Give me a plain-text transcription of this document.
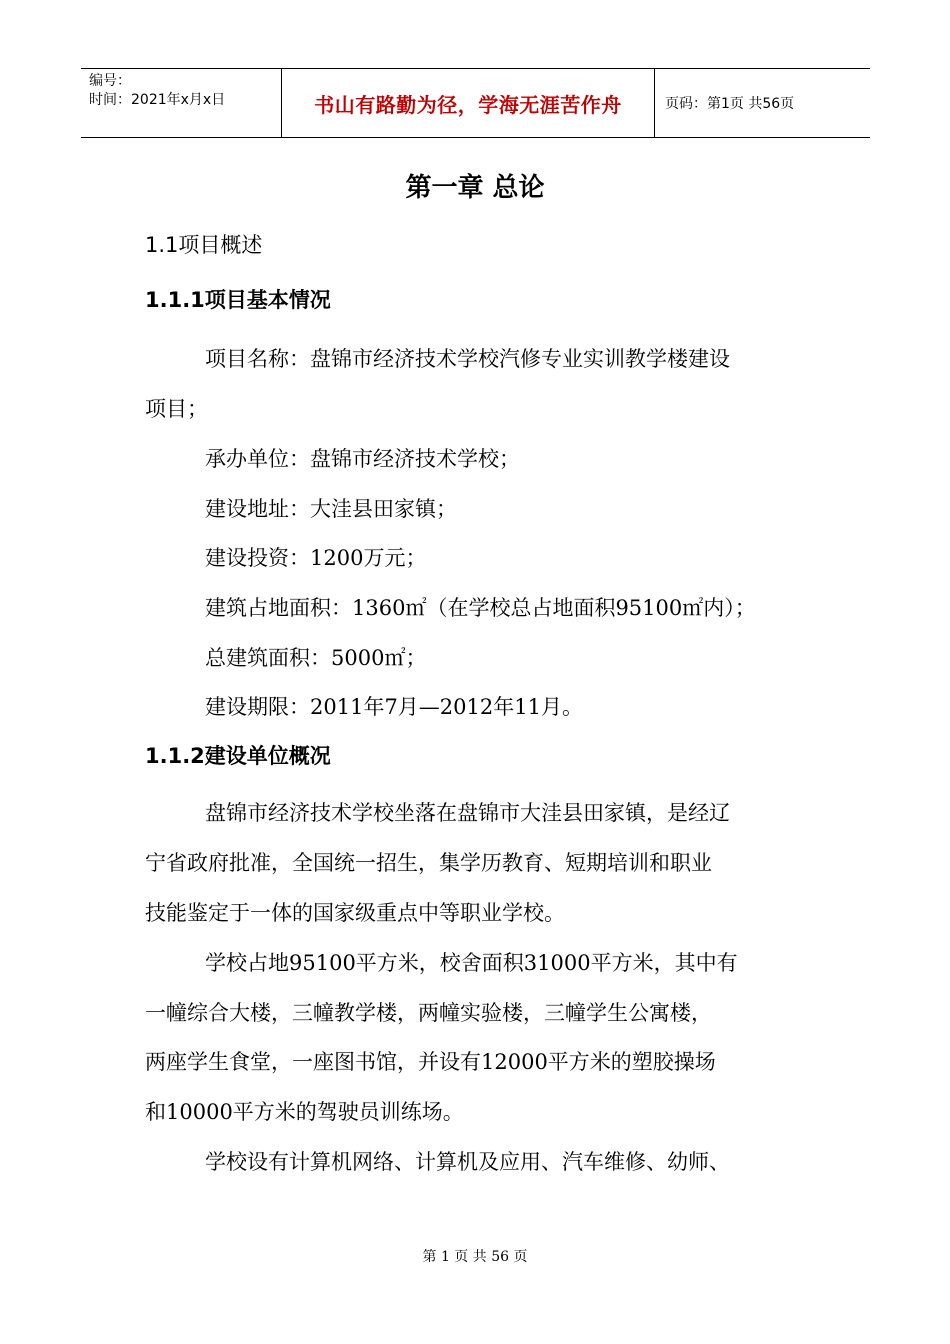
编号：
时间：2021年x月x日	书山有路勤为径，学海无涯苦作舟	页码：第1页 共56页
第一章 总论
1.1项目概述
1.1.1项目基本情况
项目名称：盘锦市经济技术学校汽修专业实训教学楼建设
项目；
承办单位：盘锦市经济技术学校；
建设地址：大洼县田家镇；
建设投资：1200万元；
建筑占地面积：1360㎡（在学校总占地面积95100㎡内）；
总建筑面积：5000㎡；
建设期限：2011年7月—2012年11月。
1.1.2建设单位概况
盘锦市经济技术学校坐落在盘锦市大洼县田家镇，是经辽
宁省政府批准，全国统一招生，集学历教育、短期培训和职业
技能鉴定于一体的国家级重点中等职业学校。
学校占地95100平方米，校舍面积31000平方米，其中有
一幢综合大楼，三幢教学楼，两幢实验楼，三幢学生公寓楼，
两座学生食堂，一座图书馆，并设有12000平方米的塑胶操场
和10000平方米的驾驶员训练场。
学校设有计算机网络、计算机及应用、汽车维修、幼师、
第 1 页 共 56 页
